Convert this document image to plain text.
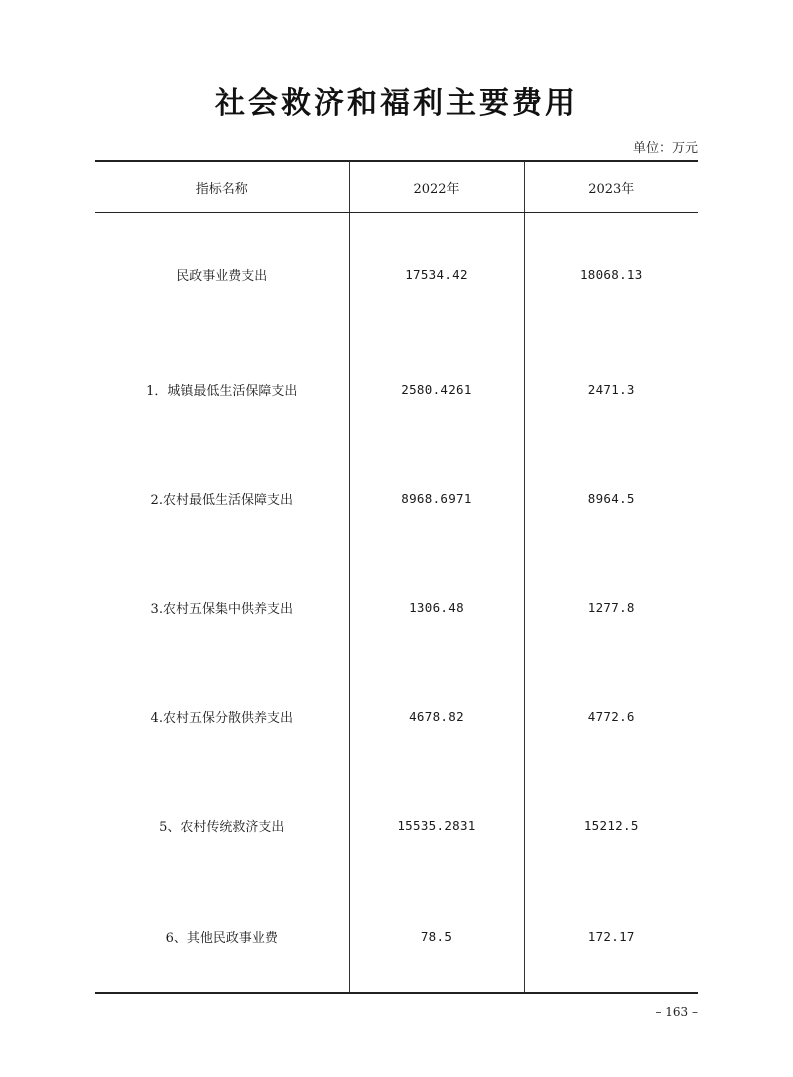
社会救济和福利主要费用
单位：万元
指标名称	2022年	2023年
民政事业费支出	17534.42	18068.13
1．城镇最低生活保障支出	2580.4261	2471.3
2.农村最低生活保障支出	8968.6971	8964.5
3.农村五保集中供养支出	1306.48	1277.8
4.农村五保分散供养支出	4678.82	4772.6
5、农村传统救济支出	15535.2831	15212.5
6、其他民政事业费	78.5	172.17
– 163 –
